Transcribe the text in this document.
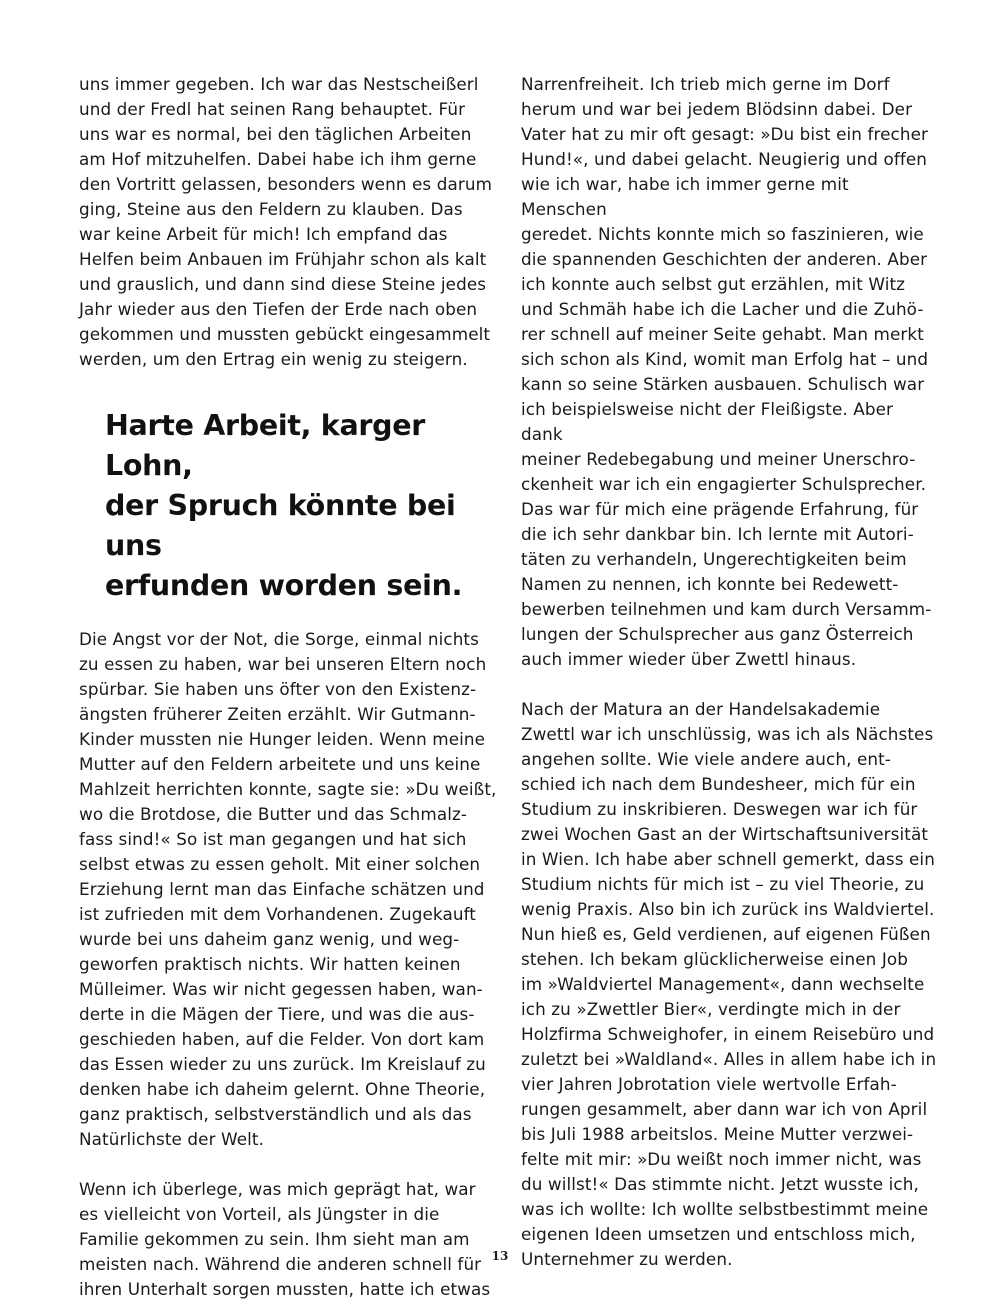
uns immer gegeben. Ich war das Nestscheißerl
und der Fredl hat seinen Rang behauptet. Für
uns war es normal, bei den täglichen Arbeiten
am Hof mitzuhelfen. Dabei habe ich ihm gerne
den Vortritt gelassen, besonders wenn es darum
ging, Steine aus den Feldern zu klauben. Das
war keine Arbeit für mich! Ich empfand das
Helfen beim Anbauen im Frühjahr schon als kalt
und grauslich, und dann sind diese Steine jedes
Jahr wieder aus den Tiefen der Erde nach oben
gekommen und mussten gebückt eingesammelt
werden, um den Ertrag ein wenig zu steigern.

Harte Arbeit, karger Lohn,
der Spruch könnte bei uns
erfunden worden sein.

Die Angst vor der Not, die Sorge, einmal nichts
zu essen zu haben, war bei unseren Eltern noch
spürbar. Sie haben uns öfter von den Existenz-
ängsten früherer Zeiten erzählt. Wir Gutmann-
Kinder mussten nie Hunger leiden. Wenn meine
Mutter auf den Feldern arbeitete und uns keine
Mahlzeit herrichten konnte, sagte sie: »Du weißt,
wo die Brotdose, die Butter und das Schmalz-
fass sind!« So ist man gegangen und hat sich
selbst etwas zu essen geholt. Mit einer solchen
Erziehung lernt man das Einfache schätzen und
ist zufrieden mit dem Vorhandenen. Zugekauft
wurde bei uns daheim ganz wenig, und weg-
geworfen praktisch nichts. Wir hatten keinen
Mülleimer. Was wir nicht gegessen haben, wan-
derte in die Mägen der Tiere, und was die aus-
geschieden haben, auf die Felder. Von dort kam
das Essen wieder zu uns zurück. Im Kreislauf zu
denken habe ich daheim gelernt. Ohne Theorie,
ganz praktisch, selbstverständlich und als das
Natürlichste der Welt.

Wenn ich überlege, was mich geprägt hat, war
es vielleicht von Vorteil, als Jüngster in die
Familie gekommen zu sein. Ihm sieht man am
meisten nach. Während die anderen schnell für
ihren Unterhalt sorgen mussten, hatte ich etwas

Narrenfreiheit. Ich trieb mich gerne im Dorf
herum und war bei jedem Blödsinn dabei. Der
Vater hat zu mir oft gesagt: »Du bist ein frecher
Hund!«, und dabei gelacht. Neugierig und offen
wie ich war, habe ich immer gerne mit Menschen
geredet. Nichts konnte mich so faszinieren, wie
die spannenden Geschichten der anderen. Aber
ich konnte auch selbst gut erzählen, mit Witz
und Schmäh habe ich die Lacher und die Zuhö-
rer schnell auf meiner Seite gehabt. Man merkt
sich schon als Kind, womit man Erfolg hat – und
kann so seine Stärken ausbauen. Schulisch war
ich beispielsweise nicht der Fleißigste. Aber dank
meiner Redebegabung und meiner Unerschro-
ckenheit war ich ein engagierter Schulsprecher.
Das war für mich eine prägende Erfahrung, für
die ich sehr dankbar bin. Ich lernte mit Autori-
täten zu verhandeln, Ungerechtigkeiten beim
Namen zu nennen, ich konnte bei Redewett-
bewerben teilnehmen und kam durch Versamm-
lungen der Schulsprecher aus ganz Österreich
auch immer wieder über Zwettl hinaus.

Nach der Matura an der Handelsakademie
Zwettl war ich unschlüssig, was ich als Nächstes
angehen sollte. Wie viele andere auch, ent-
schied ich nach dem Bundesheer, mich für ein
Studium zu inskribieren. Deswegen war ich für
zwei Wochen Gast an der Wirtschaftsuniversität
in Wien. Ich habe aber schnell gemerkt, dass ein
Studium nichts für mich ist – zu viel Theorie, zu
wenig Praxis. Also bin ich zurück ins Waldviertel.
Nun hieß es, Geld verdienen, auf eigenen Füßen
stehen. Ich bekam glücklicherweise einen Job
im »Waldviertel Management«, dann wechselte
ich zu »Zwettler Bier«, verdingte mich in der
Holzfirma Schweighofer, in einem Reisebüro und
zuletzt bei »Waldland«. Alles in allem habe ich in
vier Jahren Jobrotation viele wertvolle Erfah-
rungen gesammelt, aber dann war ich von April
bis Juli 1988 arbeitslos. Meine Mutter verzwei-
felte mit mir: »Du weißt noch immer nicht, was
du willst!« Das stimmte nicht. Jetzt wusste ich,
was ich wollte: Ich wollte selbstbestimmt meine
eigenen Ideen umsetzen und entschloss mich,
Unternehmer zu werden.

13
